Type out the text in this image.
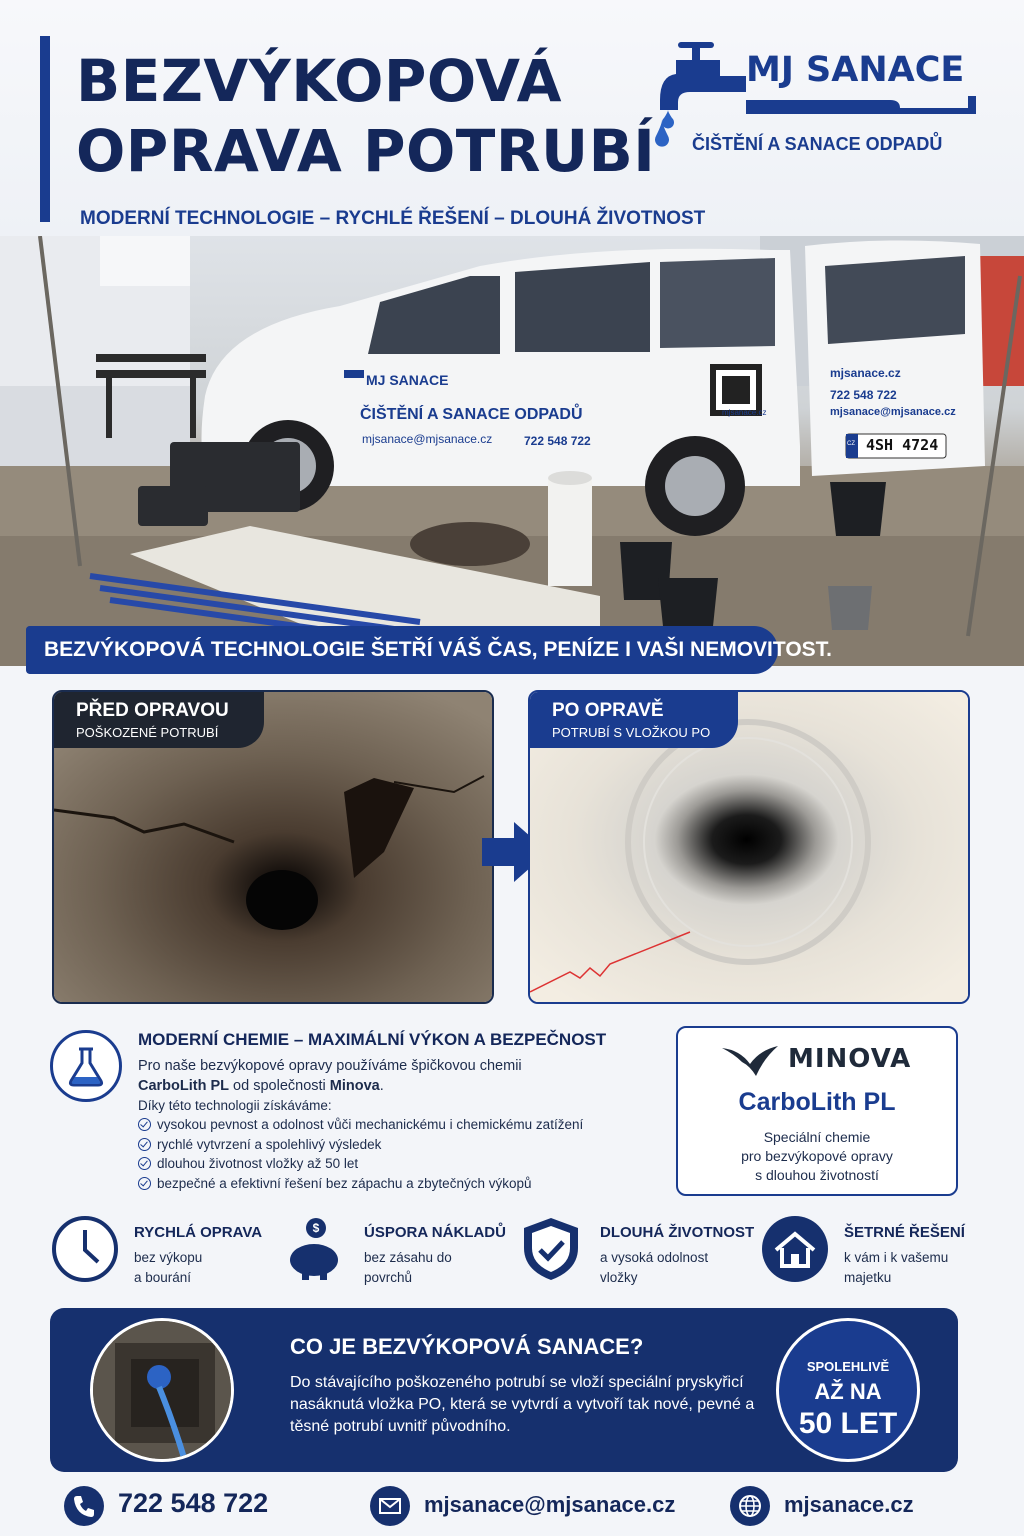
BEZVÝKOPOVÁ
OPRAVA POTRUBÍ
MODERNÍ TECHNOLOGIE – RYCHLÉ ŘEŠENÍ – DLOUHÁ ŽIVOTNOST
MJ SANACE
ČIŠTĚNÍ A SANACE ODPADŮ
MJ SANACE
ČIŠTĚNÍ A SANACE ODPADŮ
mjsanace@mjsanace.cz	722 548 722
mjsanace.cz
mjsanace.cz
722 548 722
mjsanace@mjsanace.cz
CZ 4SH 4724
BEZVÝKOPOVÁ TECHNOLOGIE ŠETŘÍ VÁŠ ČAS, PENÍZE I VAŠI NEMOVITOST.
PŘED OPRAVOU
POŠKOZENÉ POTRUBÍ
PO OPRAVĚ
POTRUBÍ S VLOŽKOU PO
MODERNÍ CHEMIE – MAXIMÁLNÍ VÝKON A BEZPEČNOST
Pro naše bezvýkopové opravy používáme špičkovou chemii
CarboLith PL od společnosti Minova.
Díky této technologii získáváme:
vysokou pevnost a odolnost vůči mechanickému i chemickému zatížení
rychlé vytvrzení a spolehlivý výsledek
dlouhou životnost vložky až 50 let
bezpečné a efektivní řešení bez zápachu a zbytečných výkopů
MINOVA
CarboLith PL
Speciální chemie
pro bezvýkopové opravy
s dlouhou životností
RYCHLÁ OPRAVA
bez výkopu
a bourání
$	ÚSPORA NÁKLADŮ
bez zásahu do
povrchů
DLOUHÁ ŽIVOTNOST
a vysoká odolnost
vložky
ŠETRNÉ ŘEŠENÍ
k vám i k vašemu
majetku
CO JE BEZVÝKOPOVÁ SANACE?
Do stávajícího poškozeného potrubí se vloží speciální pryskyřicí nasáknutá vložka PO, která se vytvrdí a vytvoří tak nové, pevné a těsné potrubí uvnitř původního.
SPOLEHLIVĚ
AŽ NA
50 LET
722 548 722	mjsanace@mjsanace.cz	mjsanace.cz
